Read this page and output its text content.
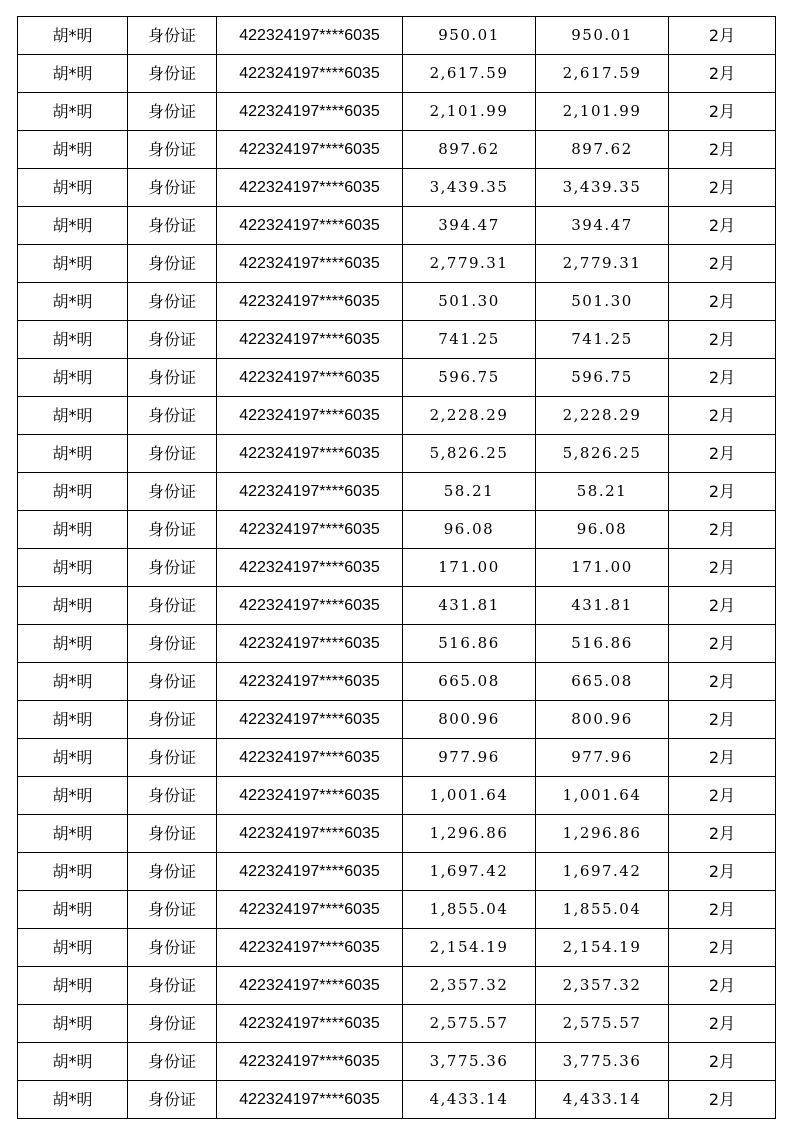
胡*明	身份证	422324197****6035	950.01	950.01	2月
胡*明	身份证	422324197****6035	2,617.59	2,617.59	2月
胡*明	身份证	422324197****6035	2,101.99	2,101.99	2月
胡*明	身份证	422324197****6035	897.62	897.62	2月
胡*明	身份证	422324197****6035	3,439.35	3,439.35	2月
胡*明	身份证	422324197****6035	394.47	394.47	2月
胡*明	身份证	422324197****6035	2,779.31	2,779.31	2月
胡*明	身份证	422324197****6035	501.30	501.30	2月
胡*明	身份证	422324197****6035	741.25	741.25	2月
胡*明	身份证	422324197****6035	596.75	596.75	2月
胡*明	身份证	422324197****6035	2,228.29	2,228.29	2月
胡*明	身份证	422324197****6035	5,826.25	5,826.25	2月
胡*明	身份证	422324197****6035	58.21	58.21	2月
胡*明	身份证	422324197****6035	96.08	96.08	2月
胡*明	身份证	422324197****6035	171.00	171.00	2月
胡*明	身份证	422324197****6035	431.81	431.81	2月
胡*明	身份证	422324197****6035	516.86	516.86	2月
胡*明	身份证	422324197****6035	665.08	665.08	2月
胡*明	身份证	422324197****6035	800.96	800.96	2月
胡*明	身份证	422324197****6035	977.96	977.96	2月
胡*明	身份证	422324197****6035	1,001.64	1,001.64	2月
胡*明	身份证	422324197****6035	1,296.86	1,296.86	2月
胡*明	身份证	422324197****6035	1,697.42	1,697.42	2月
胡*明	身份证	422324197****6035	1,855.04	1,855.04	2月
胡*明	身份证	422324197****6035	2,154.19	2,154.19	2月
胡*明	身份证	422324197****6035	2,357.32	2,357.32	2月
胡*明	身份证	422324197****6035	2,575.57	2,575.57	2月
胡*明	身份证	422324197****6035	3,775.36	3,775.36	2月
胡*明	身份证	422324197****6035	4,433.14	4,433.14	2月
